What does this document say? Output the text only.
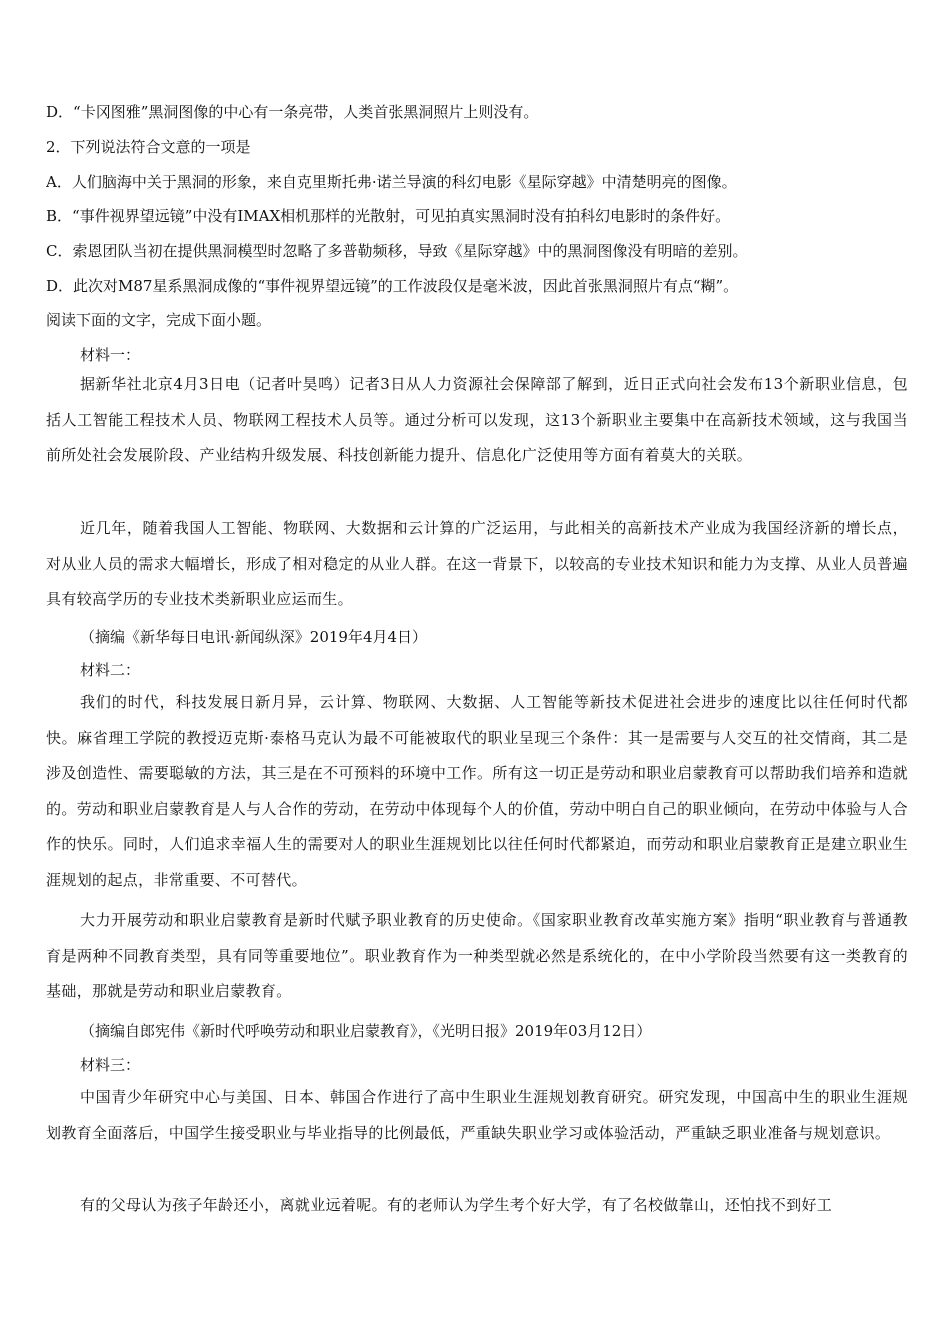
D．“卡冈图雅”黑洞图像的中心有一条亮带，人类首张黑洞照片上则没有。
2．下列说法符合文意的一项是
A．人们脑海中关于黑洞的形象，来自克里斯托弗·诺兰导演的科幻电影《星际穿越》中清楚明亮的图像。
B．“事件视界望远镜”中没有IMAX相机那样的光散射，可见拍真实黑洞时没有拍科幻电影时的条件好。
C．索恩团队当初在提供黑洞模型时忽略了多普勒频移，导致《星际穿越》中的黑洞图像没有明暗的差别。
D．此次对M87星系黑洞成像的“事件视界望远镜”的工作波段仅是毫米波，因此首张黑洞照片有点“糊”。
阅读下面的文字，完成下面小题。
材料一：
据新华社北京4月3日电（记者叶昊鸣）记者3日从人力资源社会保障部了解到，近日正式向社会发布13个新职业信息，包括人工智能工程技术人员、物联网工程技术人员等。通过分析可以发现，这13个新职业主要集中在高新技术领域，这与我国当前所处社会发展阶段、产业结构升级发展、科技创新能力提升、信息化广泛使用等方面有着莫大的关联。
近几年，随着我国人工智能、物联网、大数据和云计算的广泛运用，与此相关的高新技术产业成为我国经济新的增长点，对从业人员的需求大幅增长，形成了相对稳定的从业人群。在这一背景下，以较高的专业技术知识和能力为支撑、从业人员普遍具有较高学历的专业技术类新职业应运而生。
（摘编《新华每日电讯·新闻纵深》2019年4月4日）
材料二：
我们的时代，科技发展日新月异，云计算、物联网、大数据、人工智能等新技术促进社会进步的速度比以往任何时代都快。麻省理工学院的教授迈克斯·泰格马克认为最不可能被取代的职业呈现三个条件：其一是需要与人交互的社交情商，其二是涉及创造性、需要聪敏的方法，其三是在不可预料的环境中工作。所有这一切正是劳动和职业启蒙教育可以帮助我们培养和造就的。劳动和职业启蒙教育是人与人合作的劳动，在劳动中体现每个人的价值，劳动中明白自己的职业倾向，在劳动中体验与人合作的快乐。同时，人们追求幸福人生的需要对人的职业生涯规划比以往任何时代都紧迫，而劳动和职业启蒙教育正是建立职业生涯规划的起点，非常重要、不可替代。
大力开展劳动和职业启蒙教育是新时代赋予职业教育的历史使命。《国家职业教育改革实施方案》指明“职业教育与普通教育是两种不同教育类型，具有同等重要地位”。职业教育作为一种类型就必然是系统化的，在中小学阶段当然要有这一类教育的基础，那就是劳动和职业启蒙教育。
（摘编自郎宪伟《新时代呼唤劳动和职业启蒙教育》，《光明日报》2019年03月12日）
材料三：
中国青少年研究中心与美国、日本、韩国合作进行了高中生职业生涯规划教育研究。研究发现，中国高中生的职业生涯规划教育全面落后，中国学生接受职业与毕业指导的比例最低，严重缺失职业学习或体验活动，严重缺乏职业准备与规划意识。
有的父母认为孩子年龄还小，离就业远着呢。有的老师认为学生考个好大学，有了名校做靠山，还怕找不到好工
